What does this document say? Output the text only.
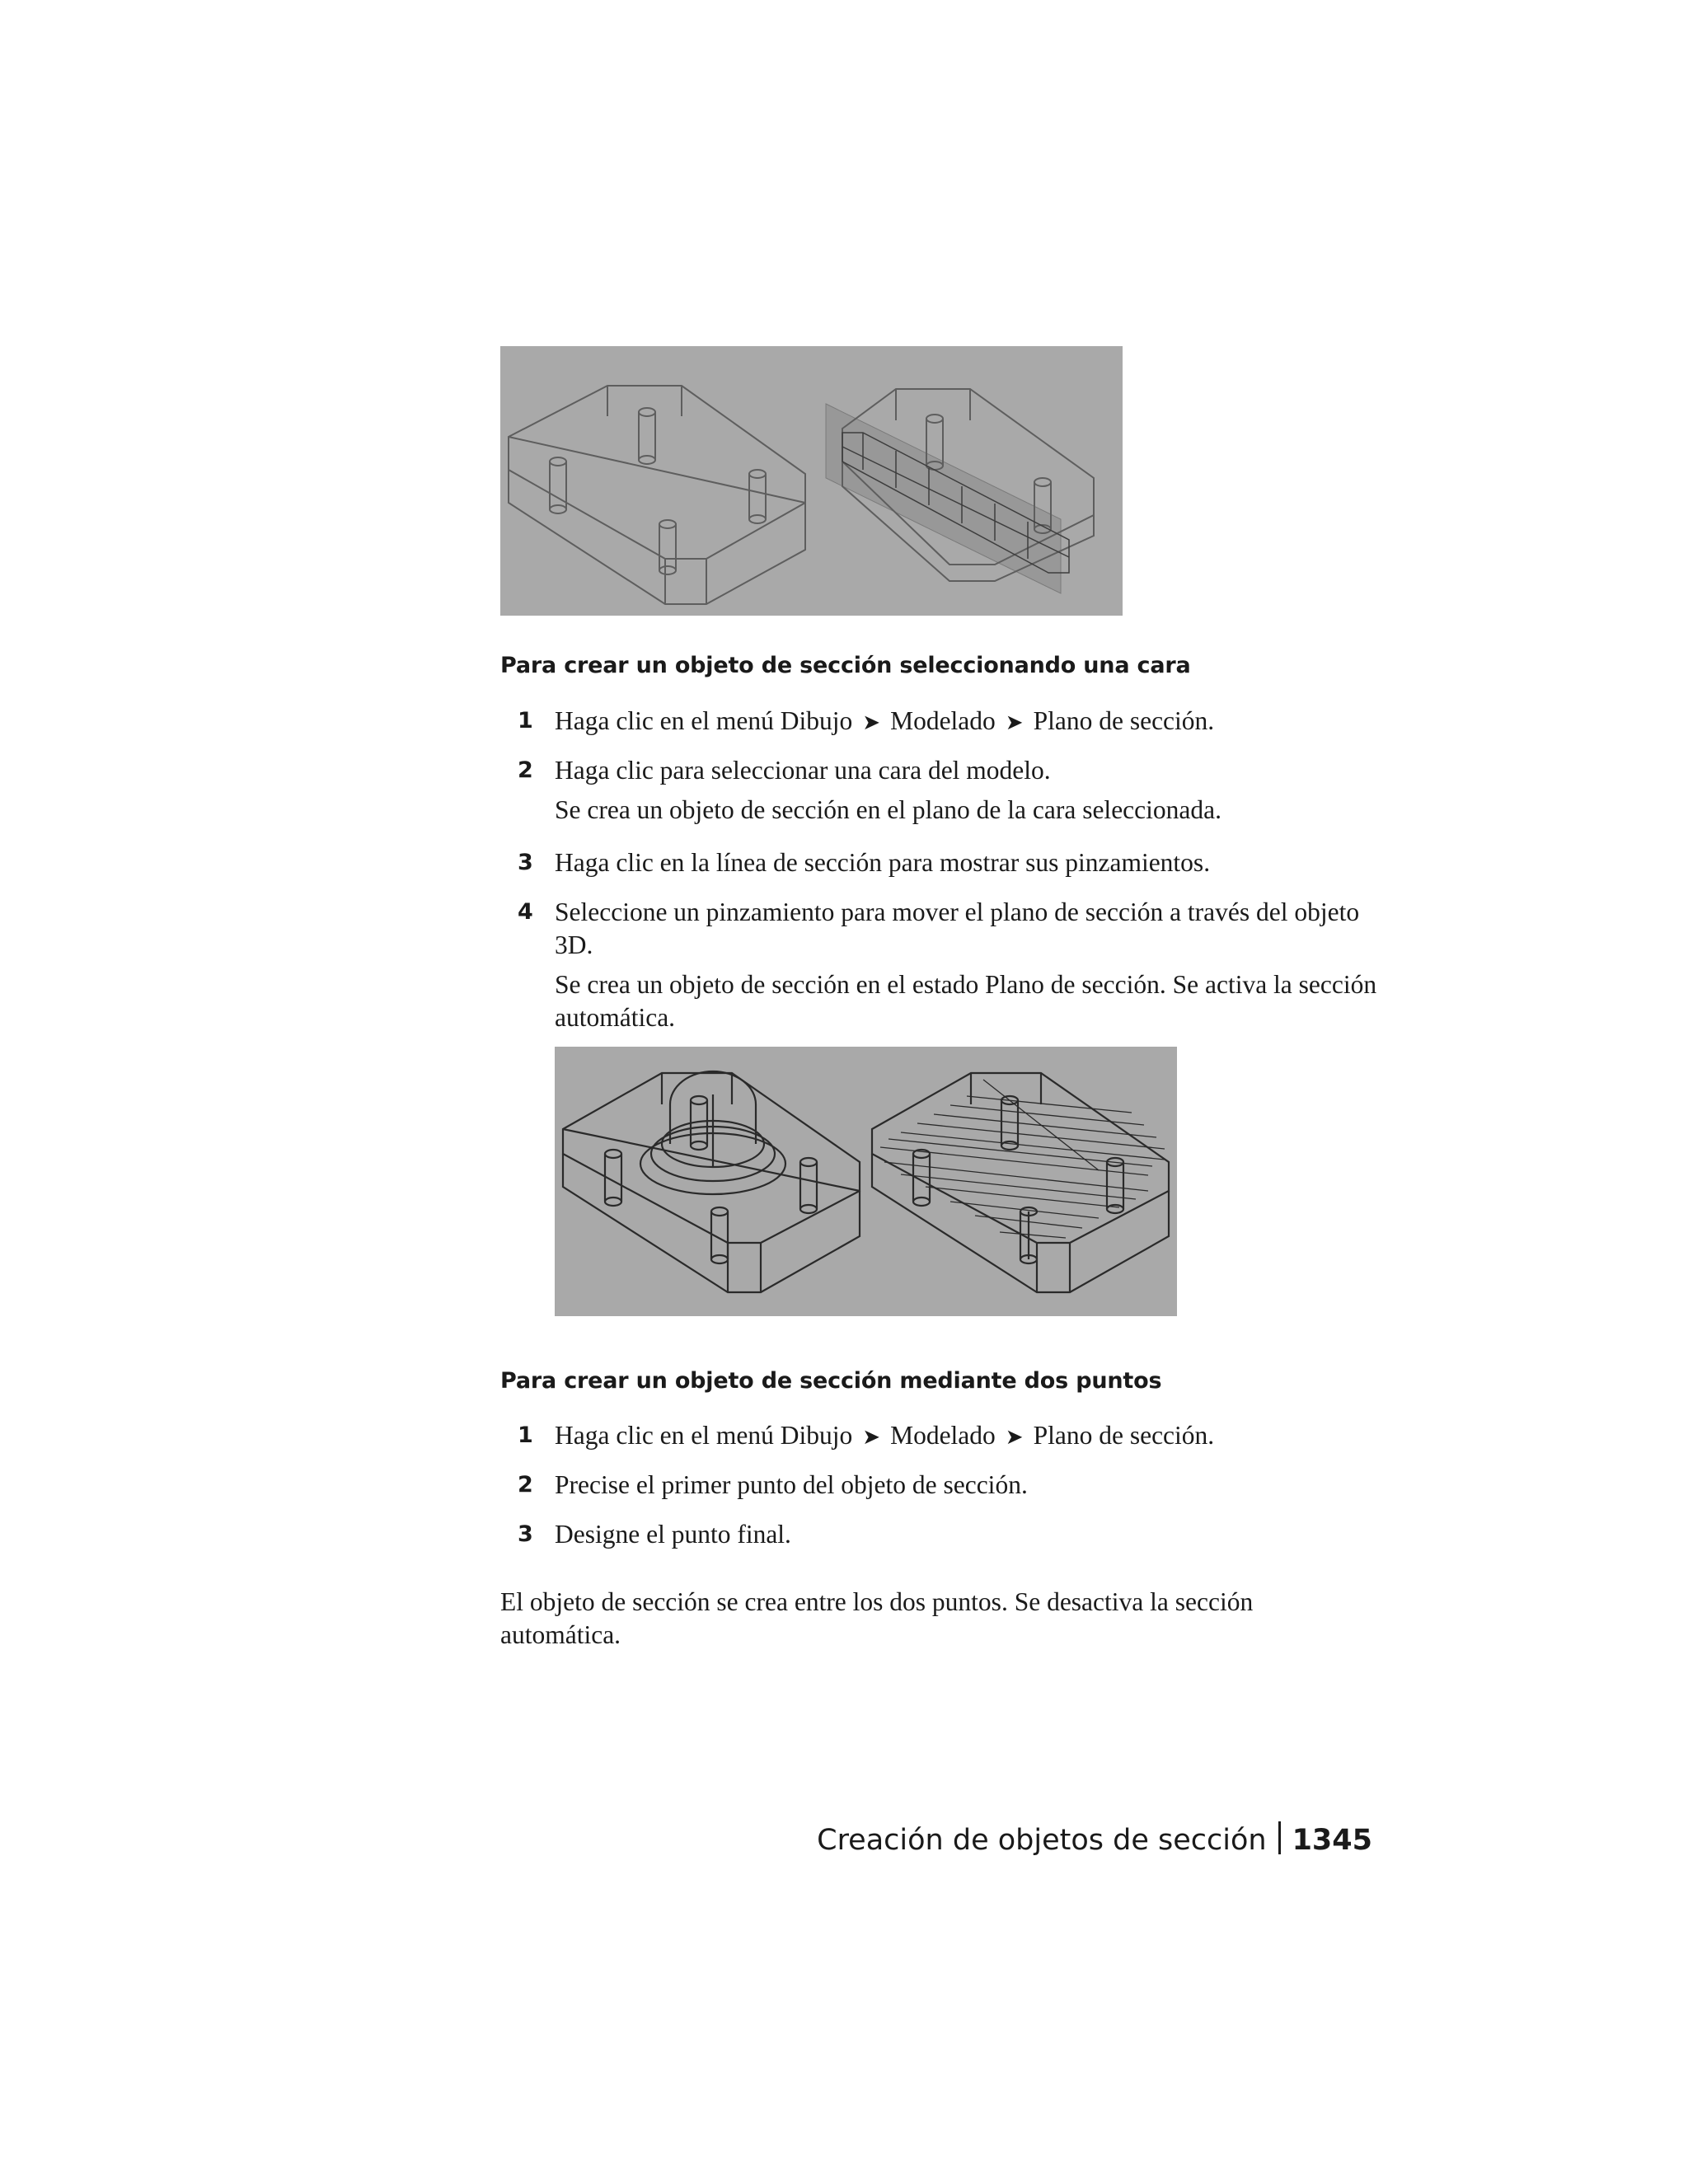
Para crear un objeto de sección seleccionando una cara
1 Haga clic en el menú Dibujo ➤ Modelado ➤ Plano de sección.
2 Haga clic para seleccionar una cara del modelo.

Se crea un objeto de sección en el plano de la cara seleccionada.

3 Haga clic en la línea de sección para mostrar sus pinzamientos.

4 Seleccione un pinzamiento para mover el plano de sección a través del objeto 3D.

Se crea un objeto de sección en el estado Plano de sección. Se activa la sección automática.

Para crear un objeto de sección mediante dos puntos
1 Haga clic en el menú Dibujo ➤ Modelado ➤ Plano de sección.
2 Precise el primer punto del objeto de sección.

3 Designe el punto final.

El objeto de sección se crea entre los dos puntos. Se desactiva la sección automática.

Creación de objetos de sección 1345
